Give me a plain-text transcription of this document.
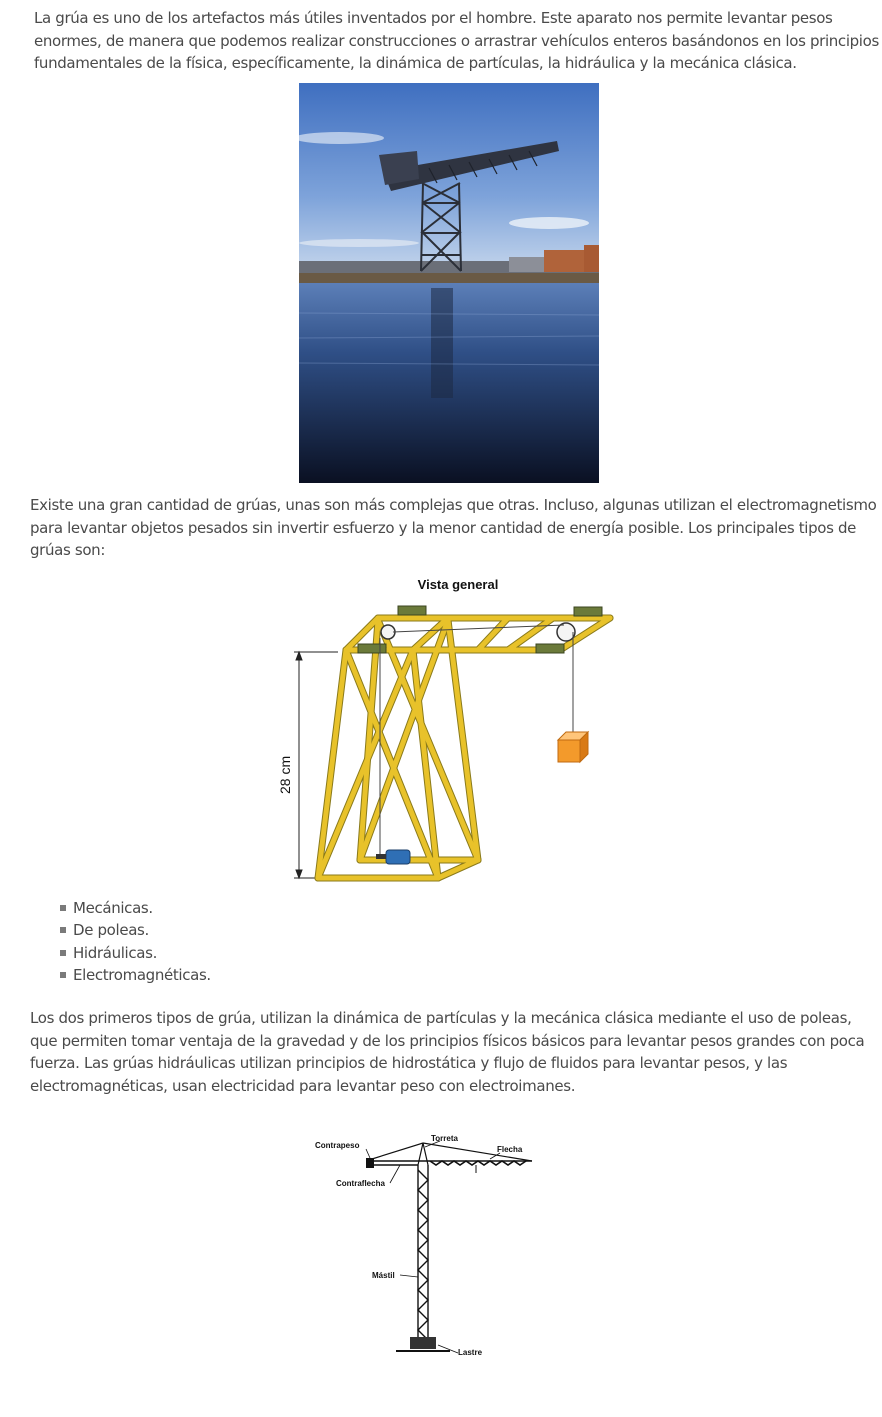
La grúa es uno de los artefactos más útiles inventados por el hombre. Este aparato nos permite levantar pesos
enormes, de manera que podemos realizar construcciones o arrastrar vehículos enteros basándonos en los principios
fundamentales de la física, específicamente, la dinámica de partículas, la hidráulica y la mecánica clásica.
Existe una gran cantidad de grúas, unas son más complejas que otras. Incluso, algunas utilizan el electromagnetismo
para levantar objetos pesados sin invertir esfuerzo y la menor cantidad de energía posible. Los principales tipos de
grúas son:
Vista general
28 cm
Mecánicas.
De poleas.
Hidráulicas.
Electromagnéticas.
Los dos primeros tipos de grúa, utilizan la dinámica de partículas y la mecánica clásica mediante el uso de poleas,
que permiten tomar ventaja de la gravedad y de los principios físicos básicos para levantar pesos grandes con poca
fuerza. Las grúas hidráulicas utilizan principios de hidrostática y flujo de fluidos para levantar pesos, y las
electromagnéticas, usan electricidad para levantar peso con electroimanes.
Contrapeso
Torreta
Flecha
Contraflecha
Mástil
Lastre
